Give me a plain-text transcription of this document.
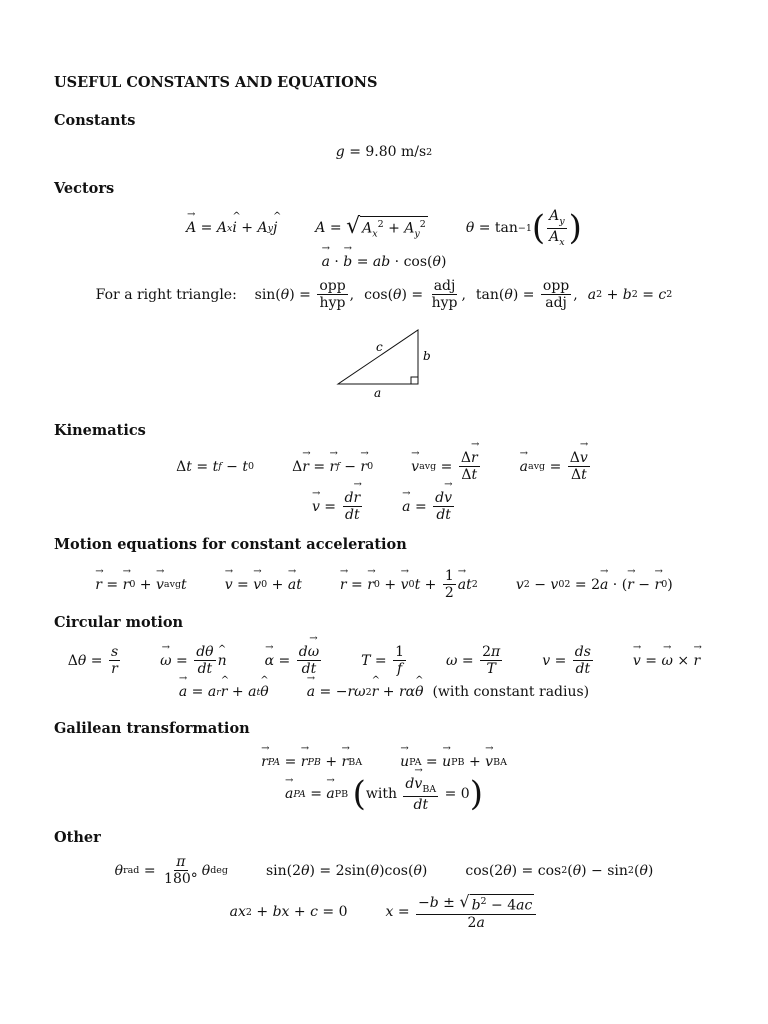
USEFUL CONSTANTS AND EQUATIONS
Constants
g
= 9.80 m/s 2
Vectors
→ A = A x
^ i + A y
^ j	A = √ $A_x^2 + A_y^2$	θ = tan −1 ( $\frac{A_y}{A_x}$ )
→ a ·
→ b = ab · cos( θ )
For a right triangle: sin( θ ) = $\frac{\text{opp}}{\text{hyp}}$ ,
cos( θ ) = $\frac{\text{adj}}{\text{hyp}}$ ,
tan( θ ) = $\frac{\text{opp}}{\text{adj}}$ , a 2 + b 2 = c 2
c
b
a
Kinematics
Δ t = t f − t 0	Δ
→ r =
→ r f −
→ r 0
→	v avg = $\frac{\Delta\to r}{\Delta t}$
→	a avg = $\frac{\Delta\to v}{\Delta t}$
→ $v = \frac{d\to r}{dt}$
→	$a = \frac{d\to v}{dt}$
Motion equations for constant acceleration
→ r =
→ r 0 +
→ v avg t
→	v =
→ v 0 +
→ a t
→	r =
→ r 0 +
→ v 0 $t + \frac{1}{2}$
→ a t 2	v 2 − v 0 2 = 2
→ a · (
→ r −
→ r 0 )
Circular motion
Δ $\theta = \frac{s}{r}$
→	$\omega = \frac{d\theta}{dt}$
^ n
→	$\alpha = \frac{d\to \omega}{dt}$	$T = \frac{1}{f}$	$\omega = \frac{2\pi}{T}$	$v = \frac{ds}{dt}$
→	v =
→ ω ×
→ r
→ a = a r
^ r + a t
^ θ
→	a = − rω 2
^ r + rα
^ θ
(with constant radius)
Galilean transformation
→ r PA =
→ r PB +
→ r BA
→	u PA =
→ u PB +
→ v BA
→ a PA =
→ a PB
( with
$\frac{d\to v_{BA}}{dt} = 0$ )
Other
θ rad = $\frac{\pi}{180^\circ}$ θ deg	sin(2 θ ) = 2sin( θ )cos( θ )	cos(2 θ ) = cos 2 ( θ ) − sin 2 ( θ )
ax 2 + bx + c = 0	$x = \frac{-b \pm √ b^2 - 4ac}{2a}$
